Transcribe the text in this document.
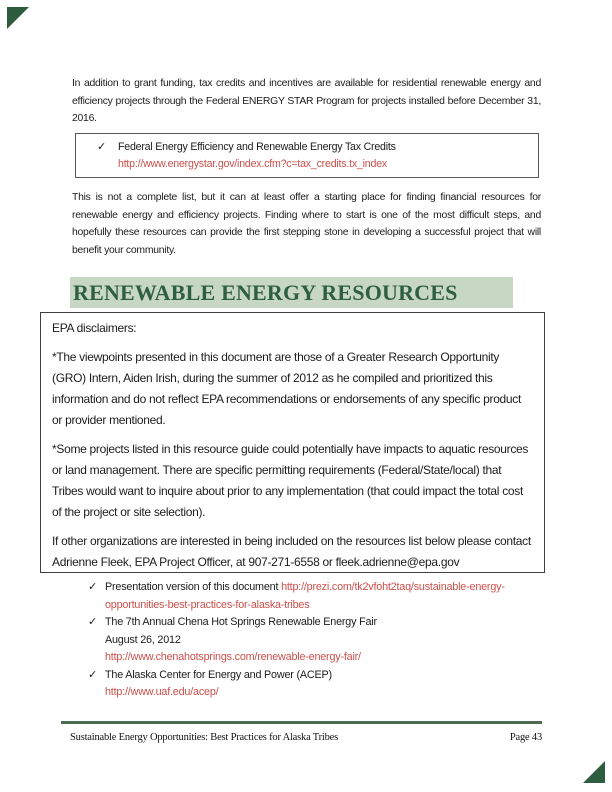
In addition to grant funding, tax credits and incentives are available for residential renewable energy and efficiency projects through the Federal ENERGY STAR Program for projects installed before December 31, 2016.

✓	Federal Energy Efficiency and Renewable Energy Tax Credits
http://www.energystar.gov/index.cfm?c=tax_credits.tx_index

This is not a complete list, but it can at least offer a starting place for finding financial resources for renewable energy and efficiency projects. Finding where to start is one of the most difficult steps, and hopefully these resources can provide the first stepping stone in developing a successful project that will benefit your community.

RENEWABLE ENERGY RESOURCES

EPA disclaimers:

*The viewpoints presented in this document are those of a Greater Research Opportunity (GRO) Intern, Aiden Irish, during the summer of 2012 as he compiled and prioritized this information and do not reflect EPA recommendations or endorsements of any specific product or provider mentioned.

*Some projects listed in this resource guide could potentially have impacts to aquatic resources or land management. There are specific permitting requirements (Federal/State/local) that Tribes would want to inquire about prior to any implementation (that could impact the total cost of the project or site selection).

If other organizations are interested in being included on the resources list below please contact Adrienne Fleek, EPA Project Officer, at 907-271-6558 or fleek.adrienne@epa.gov

✓ Presentation version of this document http://prezi.com/tk2vfoht2taq/sustainable-energy-opportunities-best-practices-for-alaska-tribes
✓ The 7th Annual Chena Hot Springs Renewable Energy Fair
August 26, 2012
http://www.chenahotsprings.com/renewable-energy-fair/
✓ The Alaska Center for Energy and Power (ACEP)
http://www.uaf.edu/acep/
Sustainable Energy Opportunities: Best Practices for Alaska Tribes	Page 43
